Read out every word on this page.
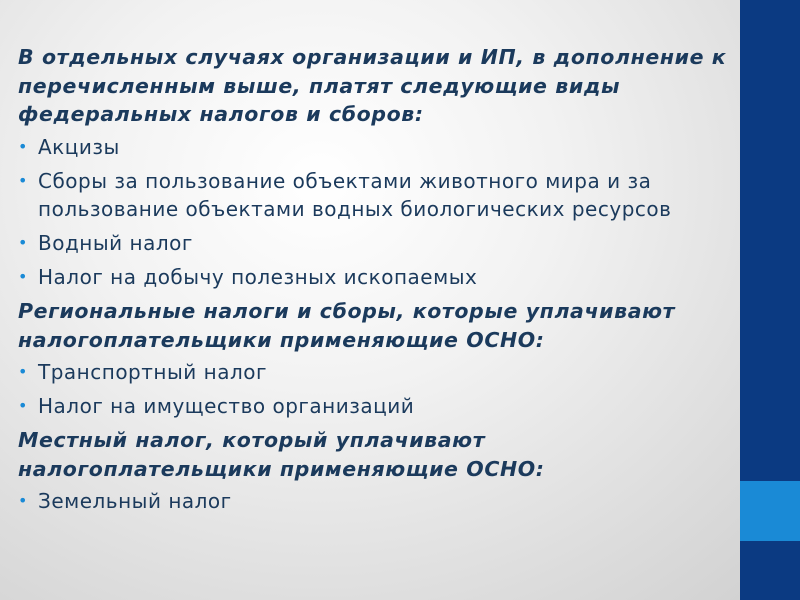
В отдельных случаях организации и ИП, в дополнение к перечисленным выше, платят следующие виды федеральных налогов и сборов:
• Акцизы
• Сборы за пользование объектами животного мира и за пользование объектами водных биологических ресурсов
• Водный налог
• Налог на добычу полезных ископаемых
Региональные налоги и сборы, которые уплачивают налогоплательщики применяющие ОСНО:
• Транспортный налог
• Налог на имущество организаций
Местный налог, который уплачивают налогоплательщики применяющие ОСНО:
• Земельный налог
